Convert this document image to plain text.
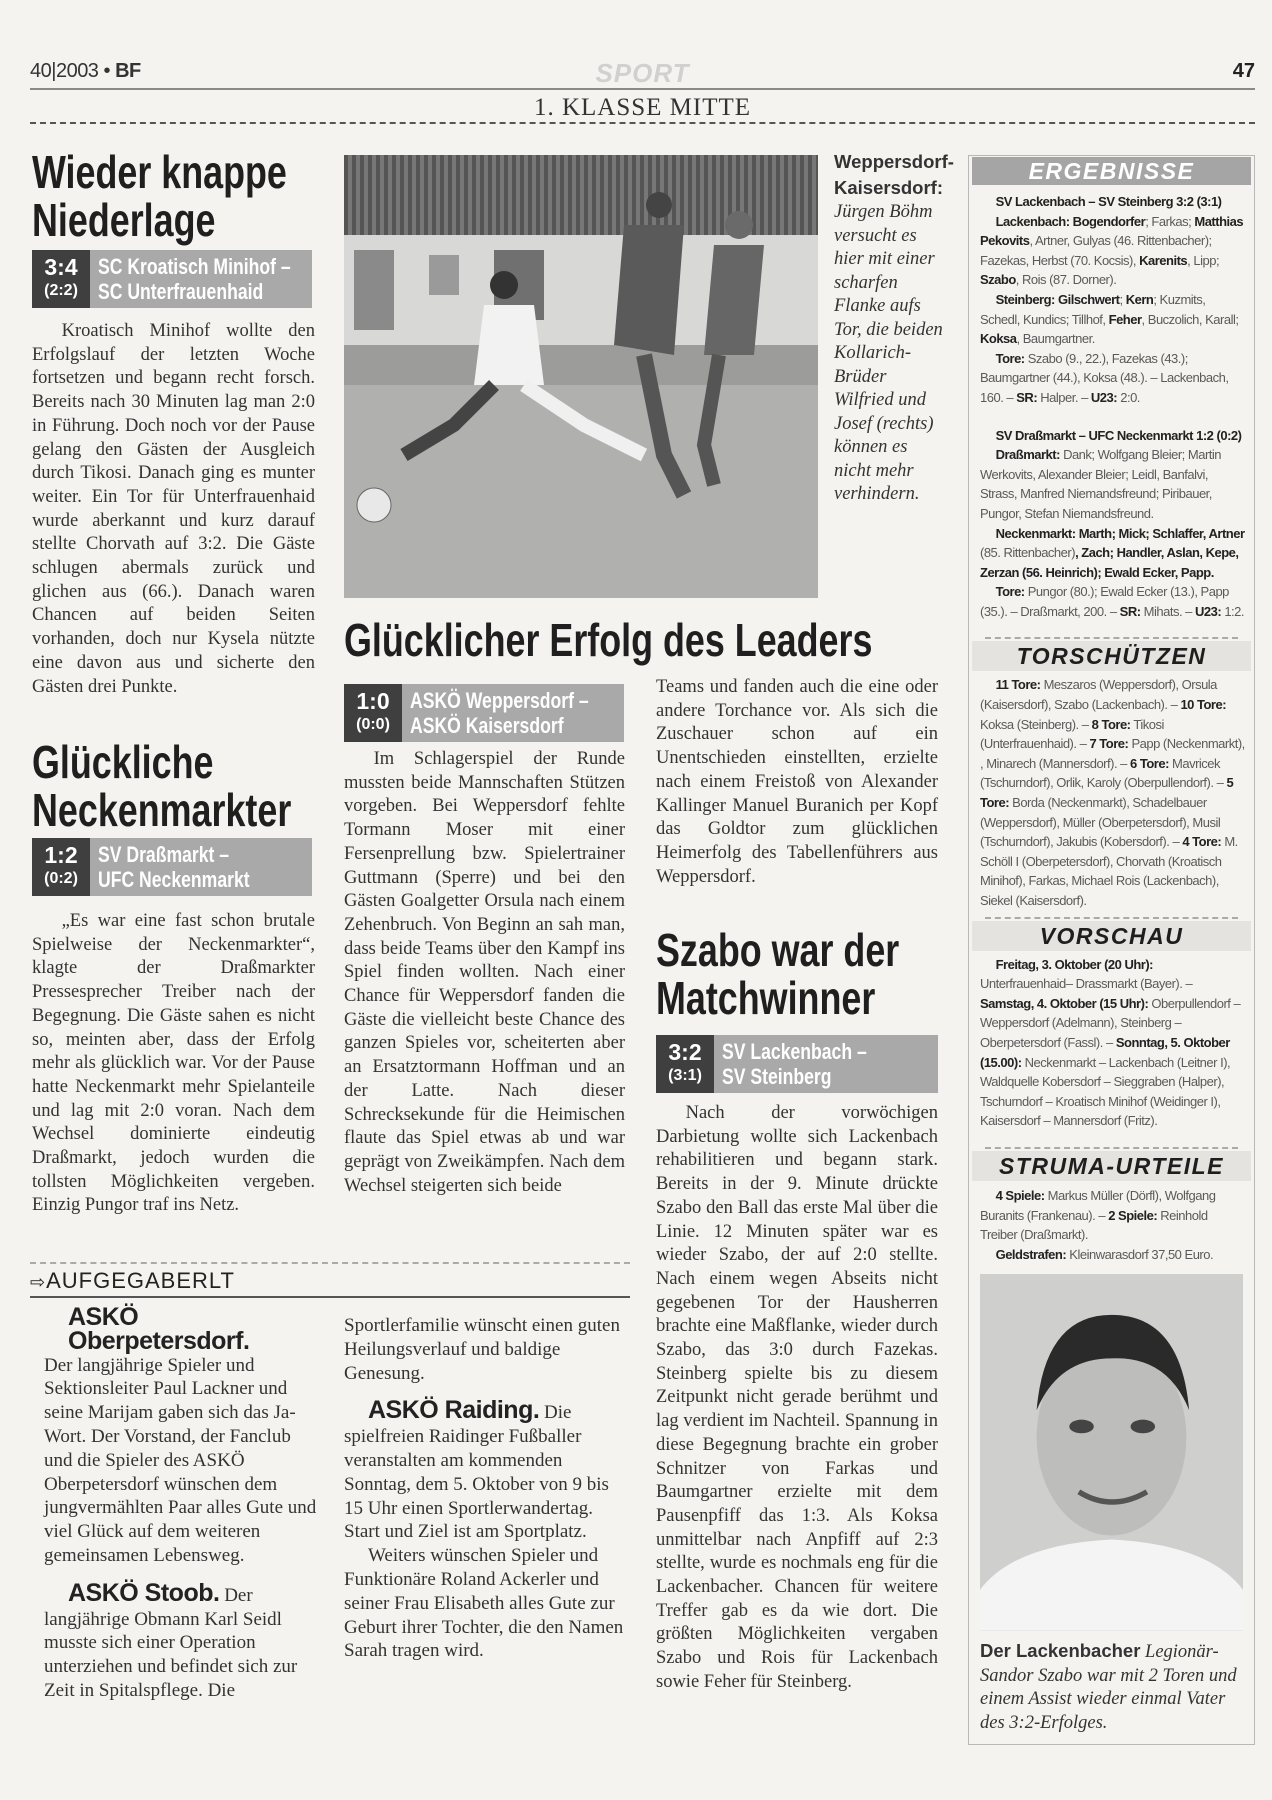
40|2003 • BF	SPORT	47
1. KLASSE MITTE
Wieder knappe
Niederlage
3:4
(2:2)
SC Kroatisch Minihof –
SC Unterfrauenhaid

Kroatisch Minihof wollte den Erfolgslauf der letzten Woche fortsetzen und begann recht forsch. Bereits nach 30 Minuten lag man 2:0 in Führung. Doch noch vor der Pause gelang den Gästen der Ausgleich durch Tikosi. Danach ging es munter weiter. Ein Tor für Unterfrauenhaid wurde aberkannt und kurz darauf stellte Chorvath auf 3:2. Die Gäste schlugen abermals zurück und glichen aus (66.). Danach waren Chancen auf beiden Seiten vorhanden, doch nur Kysela nützte eine davon aus und sicherte den Gästen drei Punkte.

Glückliche
Neckenmarkter
1:2
(0:2)
SV Draßmarkt –
UFC Neckenmarkt

„Es war eine fast schon brutale Spielweise der Neckenmarkter“, klagte der Draßmarkter Pressesprecher Treiber nach der Begegnung. Die Gäste sahen es nicht so, meinten aber, dass der Erfolg mehr als glücklich war. Vor der Pause hatte Neckenmarkt mehr Spielanteile und lag mit 2:0 voran. Nach dem Wechsel dominierte eindeutig Draßmarkt, jedoch wurden die tollsten Möglichkeiten vergeben. Einzig Pungor traf ins Netz.

Weppersdorf-Kaisersdorf: Jürgen Böhm versucht es hier mit einer scharfen Flanke aufs Tor, die beiden Kollarich-Brüder Wilfried und Josef (rechts) können es nicht mehr verhindern.
Glücklicher Erfolg des Leaders
1:0
(0:0)
ASKÖ Weppersdorf –
ASKÖ Kaisersdorf

Im Schlagerspiel der Runde mussten beide Mannschaften Stützen vorgeben. Bei Weppersdorf fehlte Tormann Moser mit einer Fersenprellung bzw. Spielertrainer Guttmann (Sperre) und bei den Gästen Goalgetter Orsula nach einem Zehenbruch. Von Beginn an sah man, dass beide Teams über den Kampf ins Spiel finden wollten. Nach einer Chance für Weppersdorf fanden die Gäste die vielleicht beste Chance des ganzen Spieles vor, scheiterten aber an Ersatztormann Hoffman und an der Latte. Nach dieser Schrecksekunde für die Heimischen flaute das Spiel etwas ab und war geprägt von Zweikämpfen. Nach dem Wechsel steigerten sich beide

Teams und fanden auch die eine oder andere Torchance vor. Als sich die Zuschauer schon auf ein Unentschieden einstellten, erzielte nach einem Freistoß von Alexander Kallinger Manuel Buranich per Kopf das Goldtor zum glücklichen Heimerfolg des Tabellenführers aus Weppersdorf.

Szabo war der
Matchwinner
3:2
(3:1)
SV Lackenbach –
SV Steinberg

Nach der vorwöchigen Darbietung wollte sich Lackenbach rehabilitieren und begann stark. Bereits in der 9. Minute drückte Szabo den Ball das erste Mal über die Linie. 12 Minuten später war es wieder Szabo, der auf 2:0 stellte. Nach einem wegen Abseits nicht gegebenen Tor der Hausherren brachte eine Maßflanke, wieder durch Szabo, das 3:0 durch Fazekas. Steinberg spielte bis zu diesem Zeitpunkt nicht gerade berühmt und lag verdient im Nachteil. Spannung in diese Begegnung brachte ein grober Schnitzer von Farkas und Baumgartner erzielte mit dem Pausenpfiff das 1:3. Als Koksa unmittelbar nach Anpfiff auf 2:3 stellte, wurde es nochmals eng für die Lackenbacher. Chancen für weitere Treffer gab es da wie dort. Die größten Möglichkeiten vergaben Szabo und Rois für Lackenbach sowie Feher für Steinberg.

⇨AUFGEGABERLT
ASKÖ Oberpetersdorf.

Der langjährige Spieler und Sektionsleiter Paul Lackner und seine Marijam gaben sich das Ja-Wort. Der Vorstand, der Fanclub und die Spieler des ASKÖ Oberpetersdorf wünschen dem jungvermählten Paar alles Gute und viel Glück auf dem weiteren gemeinsamen Lebensweg.

ASKÖ Stoob. Der langjährige Obmann Karl Seidl musste sich einer Operation unterziehen und befindet sich zur Zeit in Spitalspflege. Die

Sportlerfamilie wünscht einen guten Heilungsverlauf und baldige Genesung.

ASKÖ Raiding. Die spielfreien Raidinger Fußballer veranstalten am kommenden Sonntag, dem 5. Oktober von 9 bis 15 Uhr einen Sportlerwandertag. Start und Ziel ist am Sportplatz.

Weiters wünschen Spieler und Funktionäre Roland Ackerler und seiner Frau Elisabeth alles Gute zur Geburt ihrer Tochter, die den Namen Sarah tragen wird.

ERGEBNISSE

SV Lackenbach – SV Steinberg 3:2 (3:1)

Lackenbach: Bogendorfer; Farkas; Matthias Pekovits, Artner, Gulyas (46. Rittenbacher); Fazekas, Herbst (70. Kocsis), Karenits, Lipp; Szabo, Rois (87. Dorner).

Steinberg: Gilschwert; Kern; Kuzmits, Schedl, Kundics; Tillhof, Feher, Buczolich, Karall; Koksa, Baumgartner.

Tore: Szabo (9., 22.), Fazekas (43.); Baumgartner (44.), Koksa (48.). – Lackenbach, 160. – SR: Halper. – U23: 2:0.

SV Draßmarkt – UFC Neckenmarkt 1:2 (0:2)

Draßmarkt: Dank; Wolfgang Bleier; Martin Werkovits, Alexander Bleier; Leidl, Banfalvi, Strass, Manfred Niemandsfreund; Piribauer, Pungor, Stefan Niemandsfreund.

Neckenmarkt: Marth; Mick; Schlaffer, Artner (85. Rittenbacher), Zach; Handler, Aslan, Kepe, Zerzan (56. Heinrich); Ewald Ecker, Papp.

Tore: Pungor (80.); Ewald Ecker (13.), Papp (35.). – Draßmarkt, 200. – SR: Mihats. – U23: 1:2.

TORSCHÜTZEN

11 Tore: Meszaros (Weppersdorf), Orsula (Kaisersdorf), Szabo (Lackenbach). – 10 Tore: Koksa (Steinberg). – 8 Tore: Tikosi (Unterfrauenhaid). – 7 Tore: Papp (Neckenmarkt), , Minarech (Mannersdorf). – 6 Tore: Mavricek (Tschurndorf), Orlik, Karoly (Oberpullendorf). – 5 Tore: Borda (Neckenmarkt), Schadelbauer (Weppersdorf), Müller (Oberpetersdorf), Musil (Tschurndorf), Jakubis (Kobersdorf). – 4 Tore: M. Schöll I (Oberpetersdorf), Chorvath (Kroatisch Minihof), Farkas, Michael Rois (Lackenbach), Siekel (Kaisersdorf).

VORSCHAU

Freitag, 3. Oktober (20 Uhr): Unterfrauenhaid– Drassmarkt (Bayer). – Samstag, 4. Oktober (15 Uhr): Oberpullendorf – Weppersdorf (Adelmann), Steinberg – Oberpetersdorf (Fassl). – Sonntag, 5. Oktober (15.00): Neckenmarkt – Lackenbach (Leitner I), Waldquelle Kobersdorf – Sieggraben (Halper), Tschurndorf – Kroatisch Minihof (Weidinger I), Kaisersdorf – Mannersdorf (Fritz).

STRUMA-URTEILE

4 Spiele: Markus Müller (Dörfl), Wolfgang Buranits (Frankenau). – 2 Spiele: Reinhold Treiber (Draßmarkt).

Geldstrafen: Kleinwarasdorf 37,50 Euro.

Der Lackenbacher Legionär-Sandor Szabo war mit 2 Toren und einem Assist wieder einmal Vater des 3:2-Erfolges.
